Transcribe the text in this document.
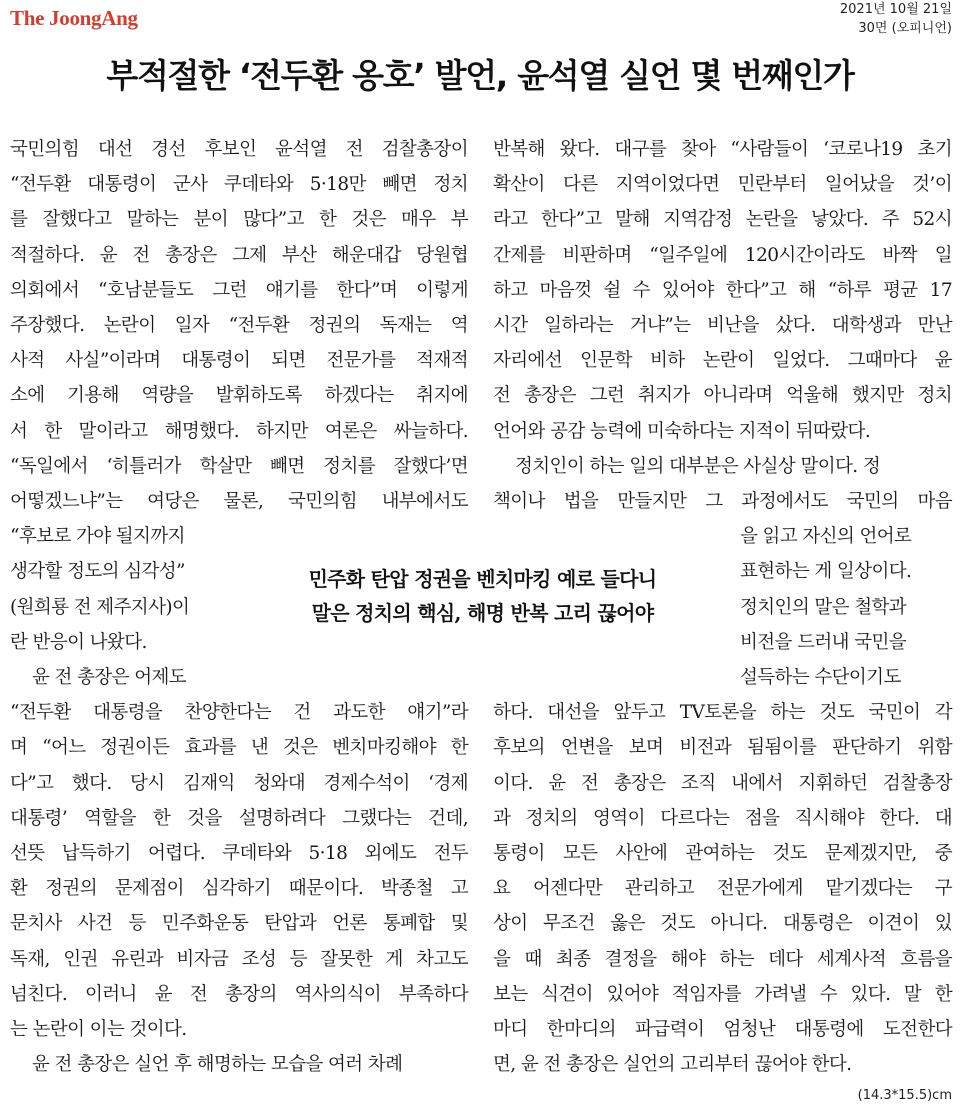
The JoongAng	2021년 10월 21일
30면 (오피니언)
부적절한 ‘전두환 옹호’ 발언, 윤석열 실언 몇 번째인가
국민의힘 대선 경선 후보인 윤석열 전 검찰총장이
“전두환 대통령이 군사 쿠데타와 5·18만 빼면 정치
를 잘했다고 말하는 분이 많다”고 한 것은 매우 부
적절하다. 윤 전 총장은 그제 부산 해운대갑 당원협
의회에서 “호남분들도 그런 얘기를 한다”며 이렇게
주장했다. 논란이 일자 “전두환 정권의 독재는 역
사적 사실”이라며 대통령이 되면 전문가를 적재적
소에 기용해 역량을 발휘하도록 하겠다는 취지에
서 한 말이라고 해명했다. 하지만 여론은 싸늘하다.
“독일에서 ‘히틀러가 학살만 빼면 정치를 잘했다’면
어떻겠느냐”는 여당은 물론, 국민의힘 내부에서도
“후보로 가야 될지까지
생각할 정도의 심각성”
(원희룡 전 제주지사)이
란 반응이 나왔다.
윤 전 총장은 어제도
“전두환 대통령을 찬양한다는 건 과도한 얘기”라
며 “어느 정권이든 효과를 낸 것은 벤치마킹해야 한
다”고 했다. 당시 김재익 청와대 경제수석이 ‘경제
대통령’ 역할을 한 것을 설명하려다 그랬다는 건데,
선뜻 납득하기 어렵다. 쿠데타와 5·18 외에도 전두
환 정권의 문제점이 심각하기 때문이다. 박종철 고
문치사 사건 등 민주화운동 탄압과 언론 통폐합 및
독재, 인권 유린과 비자금 조성 등 잘못한 게 차고도
넘친다. 이러니 윤 전 총장의 역사의식이 부족하다
는 논란이 이는 것이다.
윤 전 총장은 실언 후 해명하는 모습을 여러 차례
반복해 왔다. 대구를 찾아 “사람들이 ‘코로나19 초기
확산이 다른 지역이었다면 민란부터 일어났을 것’이
라고 한다”고 말해 지역감정 논란을 낳았다. 주 52시
간제를 비판하며 “일주일에 120시간이라도 바짝 일
하고 마음껏 쉴 수 있어야 한다”고 해 “하루 평균 17
시간 일하라는 거냐”는 비난을 샀다. 대학생과 만난
자리에선 인문학 비하 논란이 일었다. 그때마다 윤
전 총장은 그런 취지가 아니라며 억울해 했지만 정치
언어와 공감 능력에 미숙하다는 지적이 뒤따랐다.
정치인이 하는 일의 대부분은 사실상 말이다. 정
책이나 법을 만들지만 그 과정에서도 국민의 마음
을 읽고 자신의 언어로
표현하는 게 일상이다.
정치인의 말은 철학과
비전을 드러내 국민을
설득하는 수단이기도
하다. 대선을 앞두고 TV토론을 하는 것도 국민이 각
후보의 언변을 보며 비전과 됨됨이를 판단하기 위함
이다. 윤 전 총장은 조직 내에서 지휘하던 검찰총장
과 정치의 영역이 다르다는 점을 직시해야 한다. 대
통령이 모든 사안에 관여하는 것도 문제겠지만, 중
요 어젠다만 관리하고 전문가에게 맡기겠다는 구
상이 무조건 옳은 것도 아니다. 대통령은 이견이 있
을 때 최종 결정을 해야 하는 데다 세계사적 흐름을
보는 식견이 있어야 적임자를 가려낼 수 있다. 말 한
마디 한마디의 파급력이 엄청난 대통령에 도전한다
면, 윤 전 총장은 실언의 고리부터 끊어야 한다.
민주화 탄압 정권을 벤치마킹 예로 들다니
말은 정치의 핵심, 해명 반복 고리 끊어야
(14.3*15.5)cm
